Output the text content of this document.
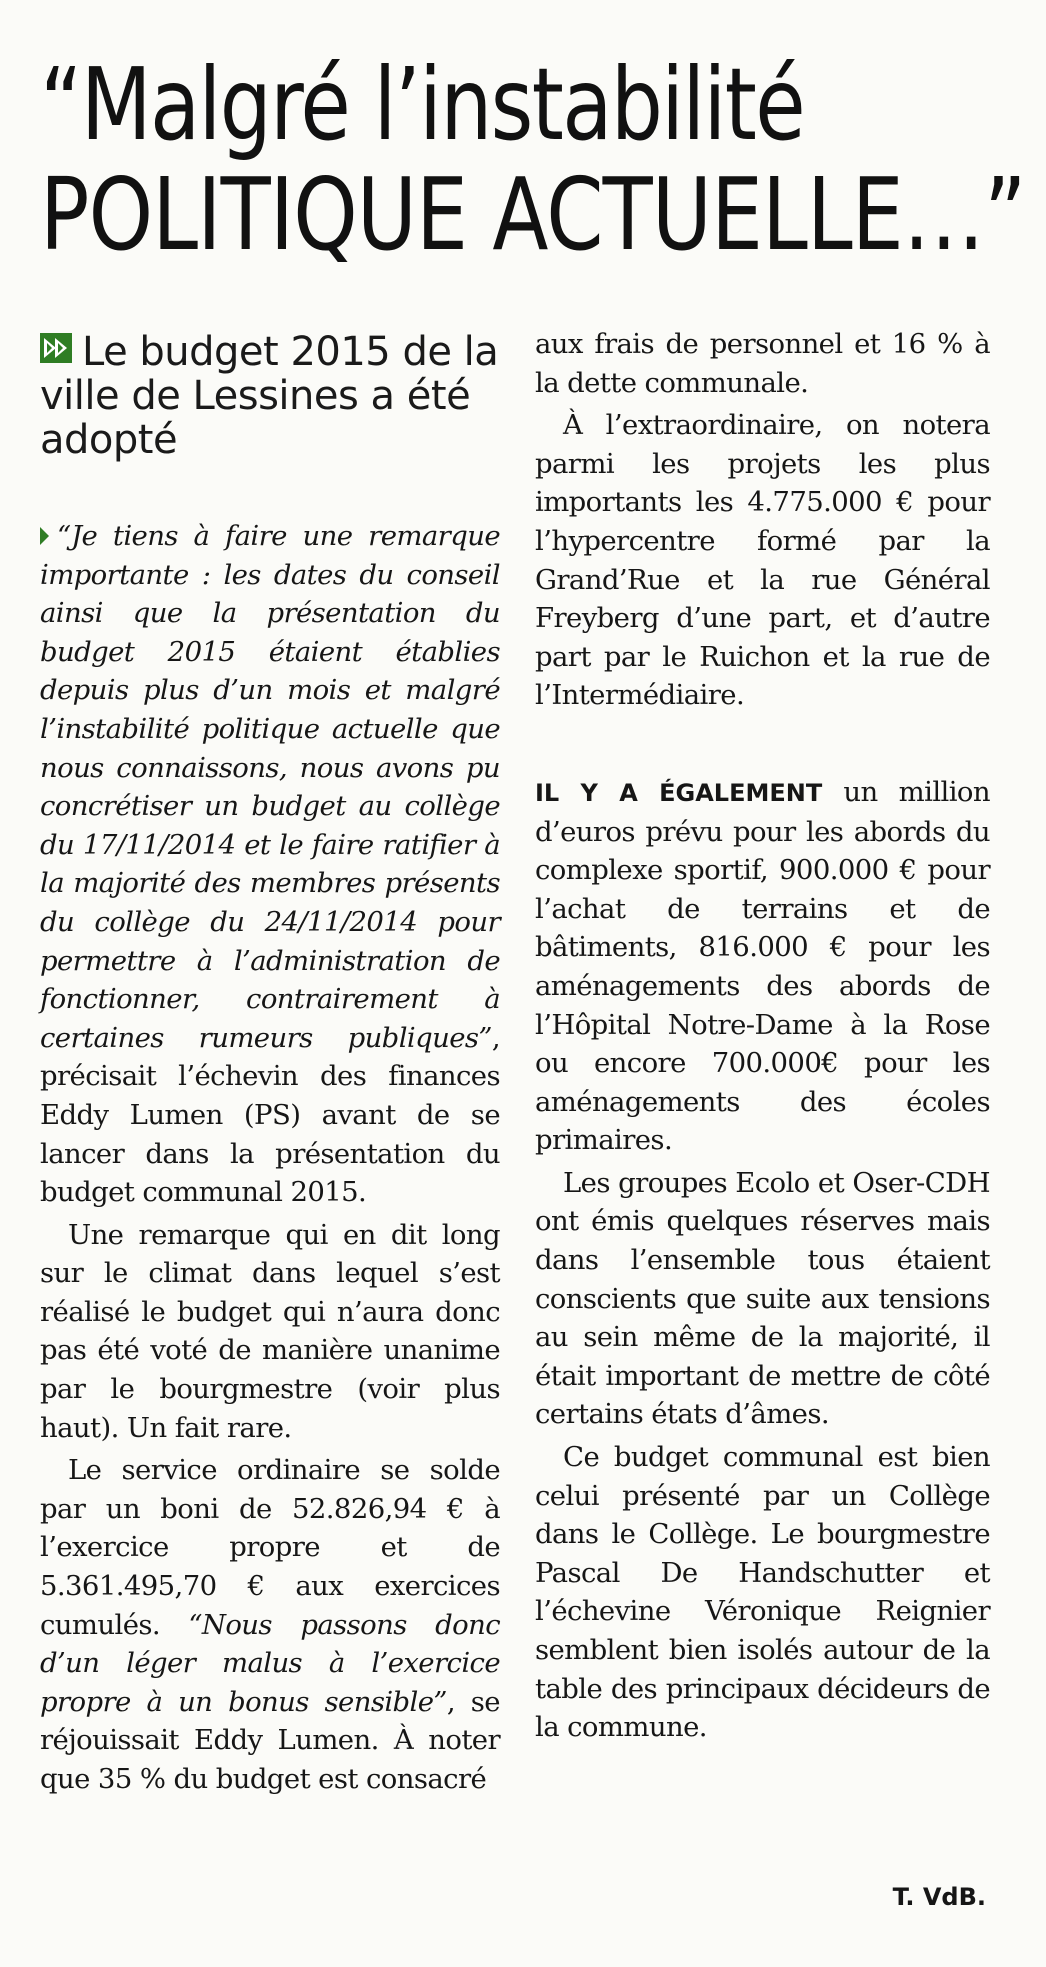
“Malgré l’instabilité
POLITIQUE ACTUELLE…”
Le budget 2015 de la ville de Lessines a été adopté

“Je tiens à faire une remarque importante : les dates du conseil ainsi que la présentation du budget 2015 étaient établies depuis plus d’un mois et malgré l’instabilité politique actuelle que nous connaissons, nous avons pu concrétiser un budget au collège du 17/11/2014 et le faire ratifier à la majorité des membres présents du collège du 24/11/2014 pour permettre à l’administration de fonctionner, contrairement à certaines rumeurs publiques”, précisait l’échevin des finances Eddy Lumen (PS) avant de se lancer dans la présentation du budget communal 2015.

Une remarque qui en dit long sur le climat dans lequel s’est réalisé le budget qui n’aura donc pas été voté de manière unanime par le bourgmestre (voir plus haut). Un fait rare.

Le service ordinaire se solde par un boni de 52.826,94 € à l’exercice propre et de 5.361.495,70 € aux exercices cumulés. “Nous passons donc d’un léger malus à l’exercice propre à un bonus sensible”, se réjouissait Eddy Lumen. À noter que 35 % du budget est consacré

aux frais de personnel et 16 % à la dette communale.

À l’extraordinaire, on notera parmi les projets les plus importants les 4.775.000 € pour l’hypercentre formé par la Grand’Rue et la rue Général Freyberg d’une part, et d’autre part par le Ruichon et la rue de l’Intermédiaire.

IL Y A ÉGALEMENT un million d’euros prévu pour les abords du complexe sportif, 900.000 € pour l’achat de terrains et de bâtiments, 816.000 € pour les aménagements des abords de l’Hôpital Notre-Dame à la Rose ou encore 700.000€ pour les aménagements des écoles primaires.

Les groupes Ecolo et Oser-CDH ont émis quelques réserves mais dans l’ensemble tous étaient conscients que suite aux tensions au sein même de la majorité, il était important de mettre de côté certains états d’âmes.

Ce budget communal est bien celui présenté par un Collège dans le Collège. Le bourgmestre Pascal De Handschutter et l’échevine Véronique Reignier semblent bien isolés autour de la table des principaux décideurs de la commune.

T. VdB.
